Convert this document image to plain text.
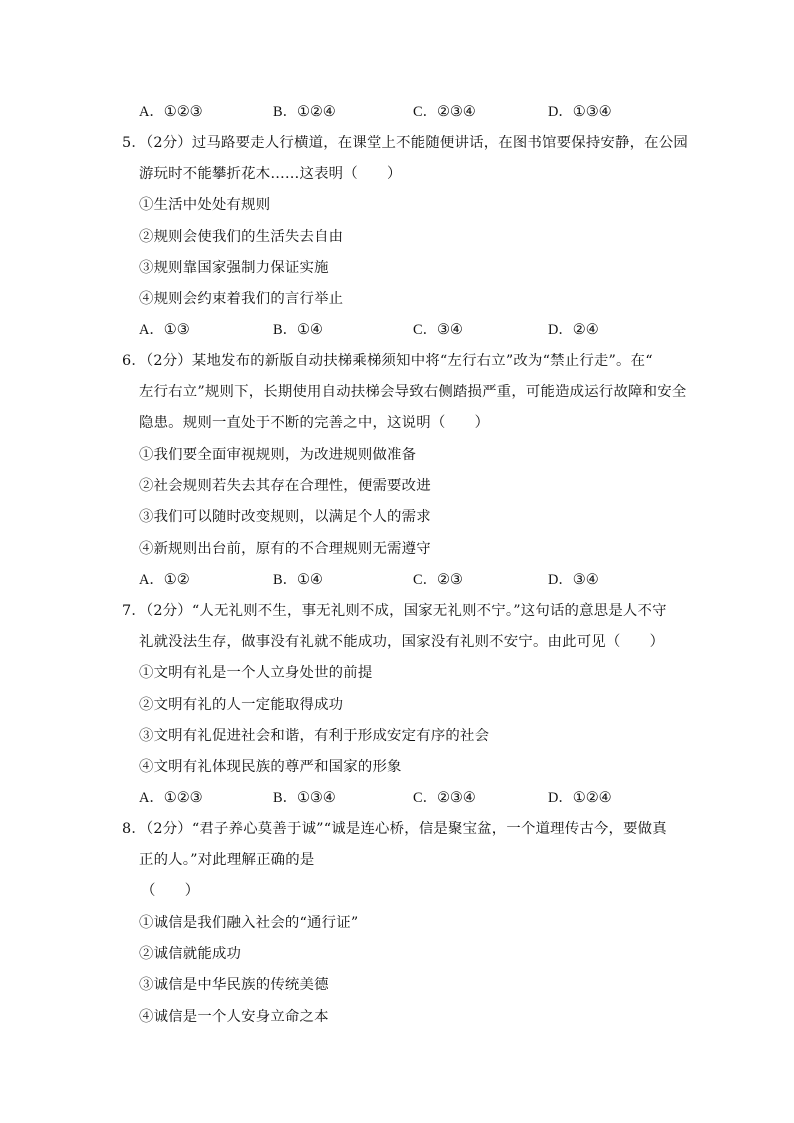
A．①②③	B．①②④	C．②③④	D．①③④
5．（2分）过马路要走人行横道，在课堂上不能随便讲话，在图书馆要保持安静，在公园
游玩时不能攀折花木……这表明（　　）
①生活中处处有规则
②规则会使我们的生活失去自由
③规则靠国家强制力保证实施
④规则会约束着我们的言行举止
A．①③	B．①④	C．③④	D．②④
6．（2分）某地发布的新版自动扶梯乘梯须知中将“左行右立”改为“禁止行走”。在“
左行右立”规则下，长期使用自动扶梯会导致右侧踏损严重，可能造成运行故障和安全
隐患。规则一直处于不断的完善之中，这说明（　　）
①我们要全面审视规则，为改进规则做准备
②社会规则若失去其存在合理性，便需要改进
③我们可以随时改变规则，以满足个人的需求
④新规则出台前，原有的不合理规则无需遵守
A．①②	B．①④	C．②③	D．③④
7．（2分）“人无礼则不生，事无礼则不成，国家无礼则不宁。”这句话的意思是人不守
礼就没法生存，做事没有礼就不能成功，国家没有礼则不安宁。由此可见（　　）
①文明有礼是一个人立身处世的前提
②文明有礼的人一定能取得成功
③文明有礼促进社会和谐，有利于形成安定有序的社会
④文明有礼体现民族的尊严和国家的形象
A．①②③	B．①③④	C．②③④	D．①②④
8．（2分）“君子养心莫善于诚”“诚是连心桥，信是聚宝盆，一个道理传古今，要做真
正的人。”对此理解正确的是
（　　）
①诚信是我们融入社会的“通行证”
②诚信就能成功
③诚信是中华民族的传统美德
④诚信是一个人安身立命之本
